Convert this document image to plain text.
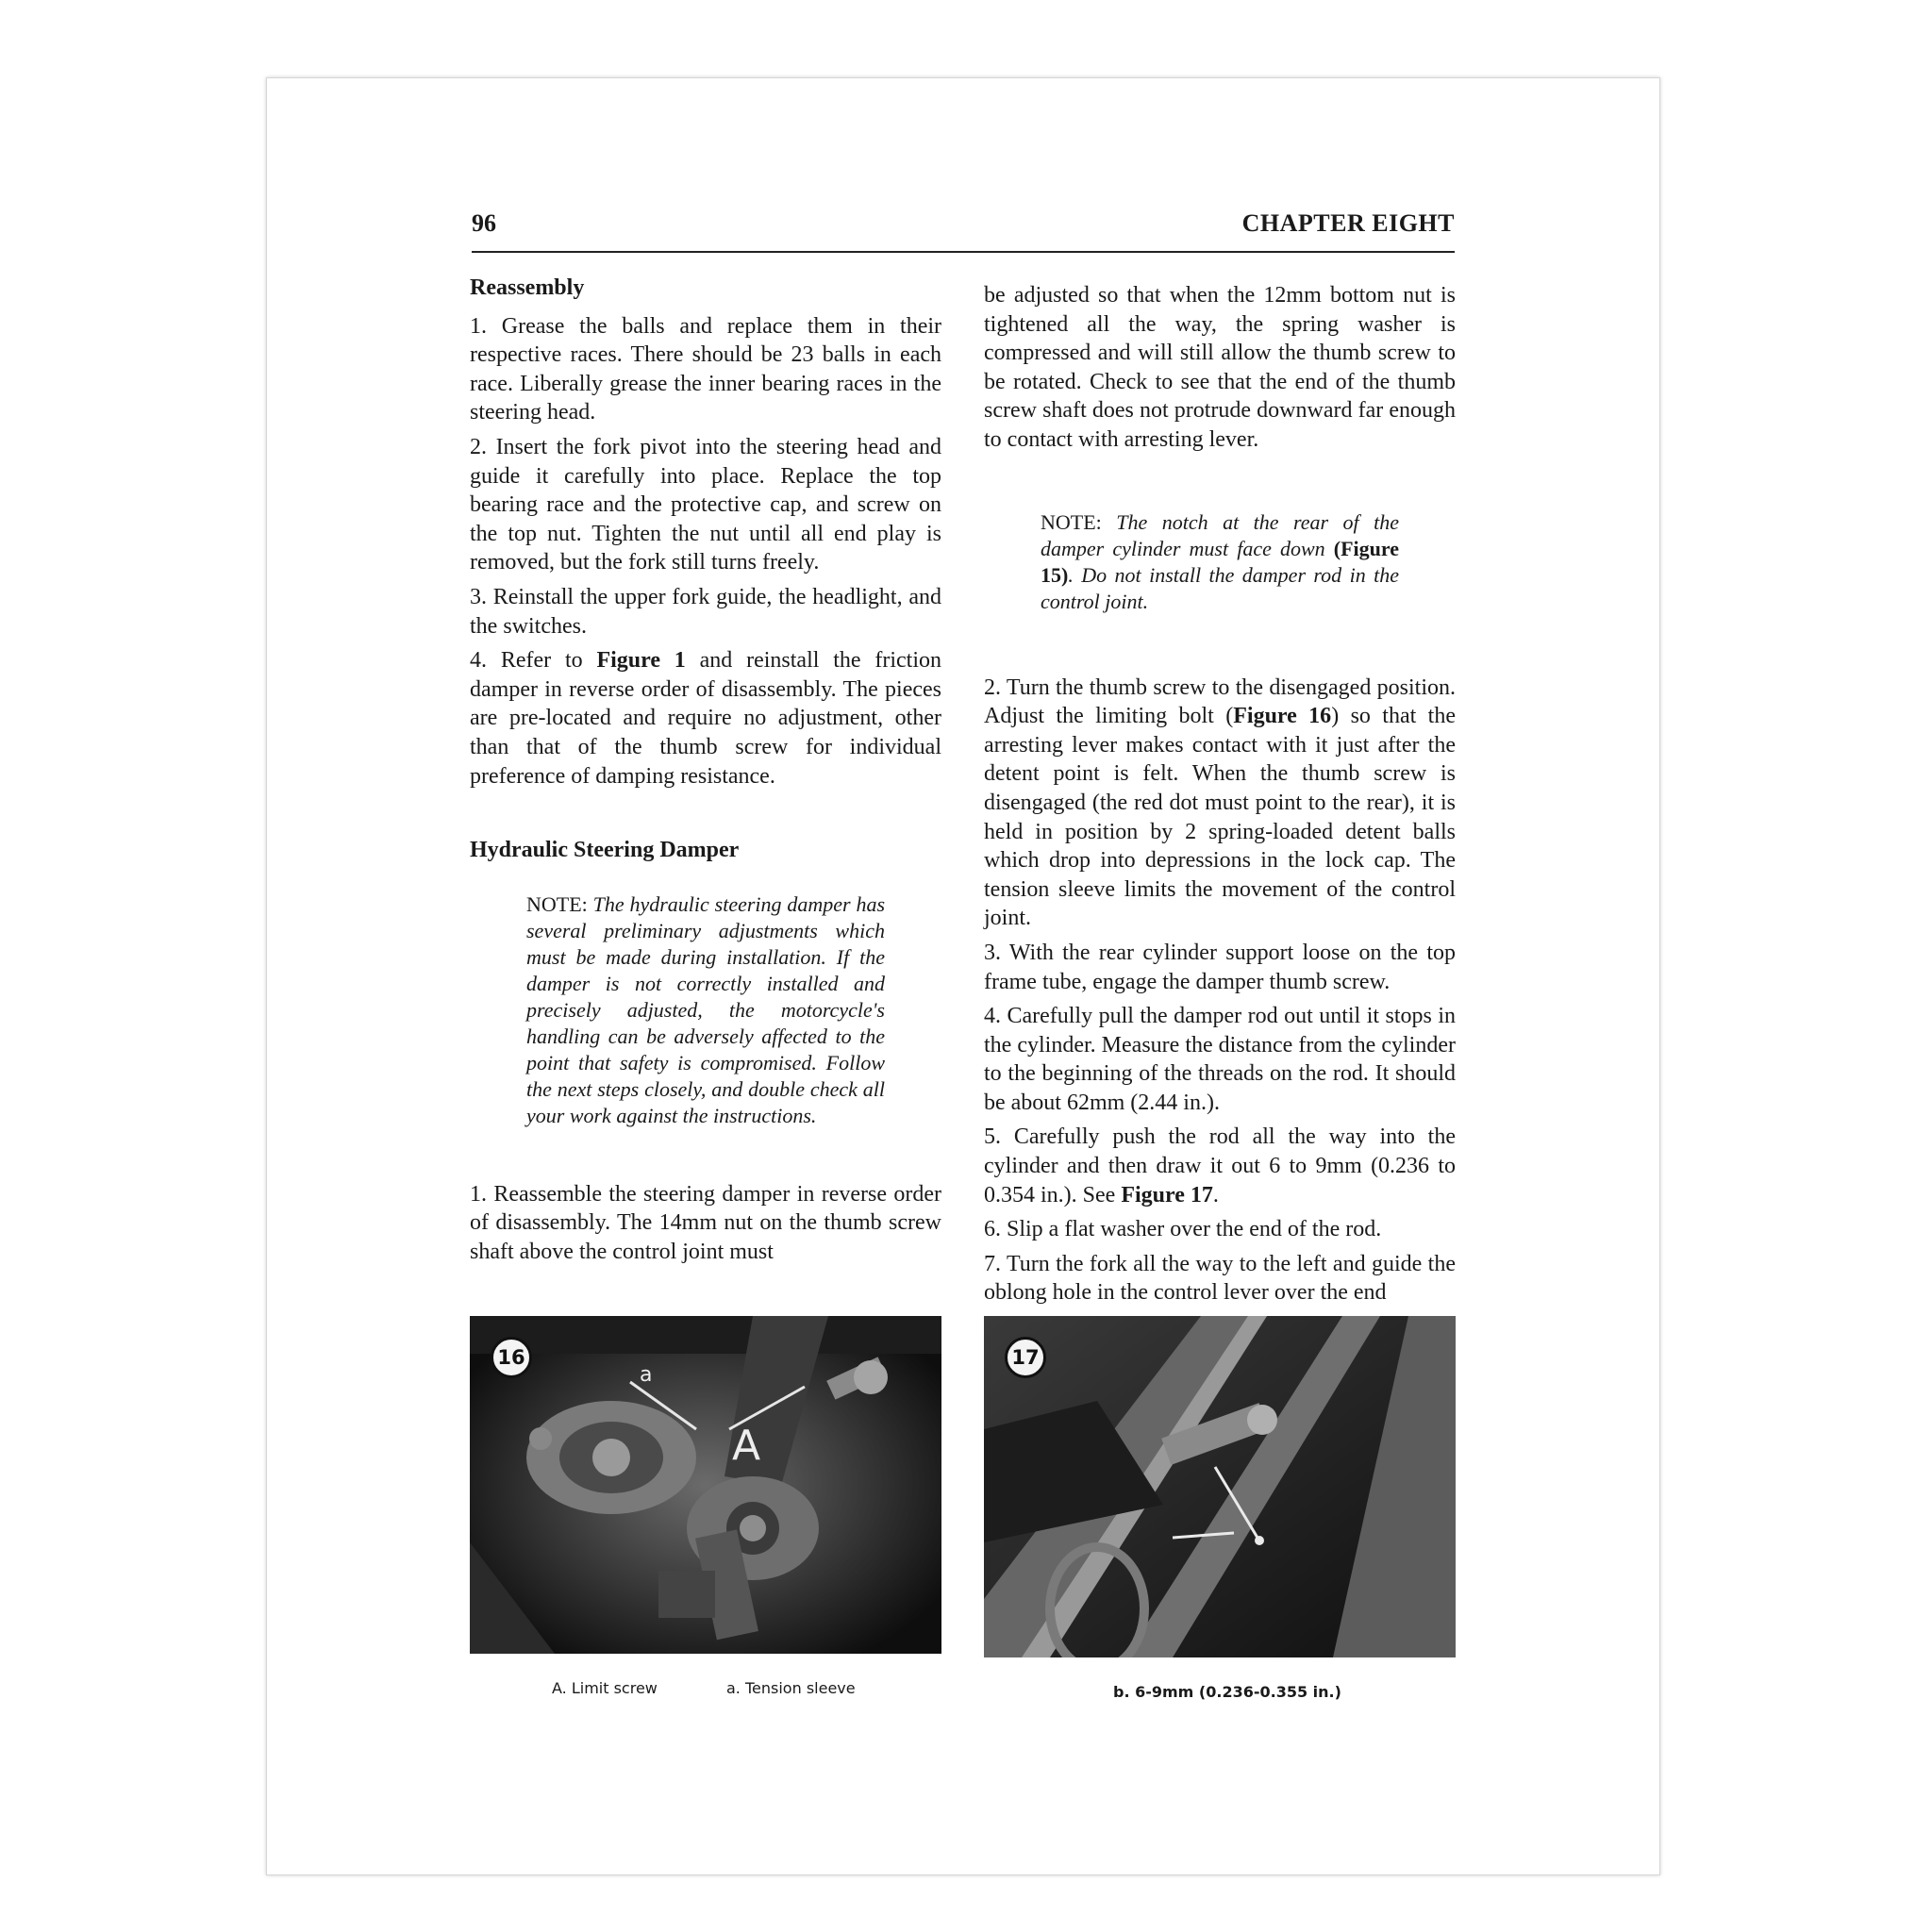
96	CHAPTER EIGHT
Reassembly

1. Grease the balls and replace them in their respective races. There should be 23 balls in each race. Liberally grease the inner bearing races in the steering head.

2. Insert the fork pivot into the steering head and guide it carefully into place. Replace the top bearing race and the protective cap, and screw on the top nut. Tighten the nut until all end play is removed, but the fork still turns freely.

3. Reinstall the upper fork guide, the headlight, and the switches.

4. Refer to Figure 1 and reinstall the friction damper in reverse order of disassembly. The pieces are pre-located and require no adjustment, other than that of the thumb screw for individual preference of damping resistance.

Hydraulic Steering Damper

NOTE: The hydraulic steering damper has several preliminary adjustments which must be made during installation. If the damper is not correctly installed and precisely adjusted, the motorcycle's handling can be adversely affected to the point that safety is compromised. Follow the next steps closely, and double check all your work against the instructions.

1. Reassemble the steering damper in reverse order of disassembly. The 14mm nut on the thumb screw shaft above the control joint must

be adjusted so that when the 12mm bottom nut is tightened all the way, the spring washer is compressed and will still allow the thumb screw to be rotated. Check to see that the end of the thumb screw shaft does not protrude downward far enough to contact with arresting lever.

NOTE: The notch at the rear of the damper cylinder must face down (Figure 15). Do not install the damper rod in the control joint.

2. Turn the thumb screw to the disengaged position. Adjust the limiting bolt (Figure 16) so that the arresting lever makes contact with it just after the detent point is felt. When the thumb screw is disengaged (the red dot must point to the rear), it is held in position by 2 spring-loaded detent balls which drop into depressions in the lock cap. The tension sleeve limits the movement of the control joint.

3. With the rear cylinder support loose on the top frame tube, engage the damper thumb screw.

4. Carefully pull the damper rod out until it stops in the cylinder. Measure the distance from the cylinder to the beginning of the threads on the rod. It should be about 62mm (2.44 in.).

5. Carefully push the rod all the way into the cylinder and then draw it out 6 to 9mm (0.236 to 0.354 in.). See Figure 17.

6. Slip a flat washer over the end of the rod.

7. Turn the fork all the way to the left and guide the oblong hole in the control lever over the end

16
a
A
17
A. Limit screw	a. Tension sleeve	b. 6-9mm (0.236-0.355 in.)
